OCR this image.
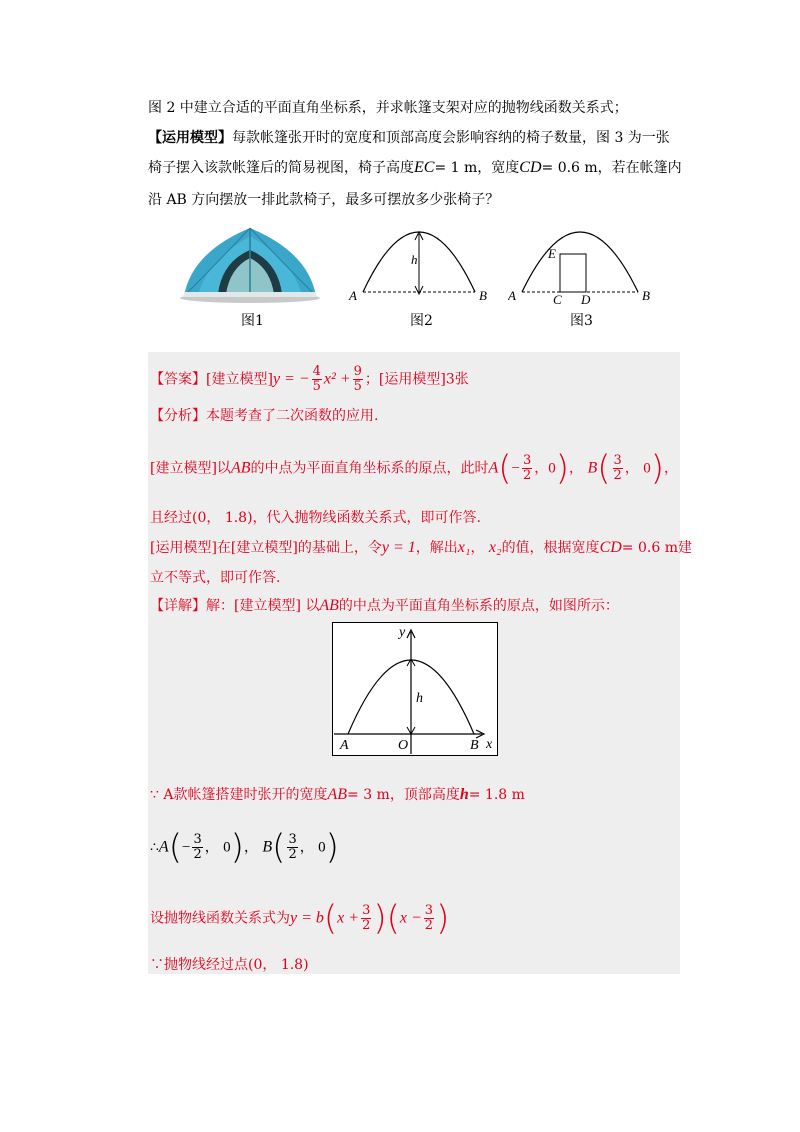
图 2 中建立合适的平面直角坐标系，并求帐篷支架对应的抛物线函数关系式；
【运用模型】每款帐篷张开时的宽度和顶部高度会影响容纳的椅子数量，图 3 为一张
椅子摆入该款帐篷后的简易视图，椅子高度EC= 1 m，宽度CD= 0.6 m，若在帐篷内
沿 AB 方向摆放一排此款椅子，最多可摆放多少张椅子？
图1
A	B
h
图2
A	B
C D
E
图3
【答案】[建立模型]y = − $\frac{4}{5} x^2 + \frac{9}{5}$ ；[运用模型]3张
【分析】本题考查了二次函数的应用.
[建立模型]以AB的中点为平面直角坐标系的原点，此时$A(- \frac{3}{2}$ ，0)， $B( \frac{3}{2}$ ， 0)，
且经过(0， 1.8)，代入抛物线函数关系式，即可作答.
[运用模型]在[建立模型]的基础上，令y = 1，解出x₁， x₂的值，根据宽度CD= 0.6 m建
立不等式，即可作答.
【详解】解：[建立模型] 以AB的中点为平面直角坐标系的原点，如图所示：
y
x
A	O	B
h
∵ A款帐篷搭建时张开的宽度AB= 3 m，顶部高度h= 1.8 m
∴A(− $\frac{3}{2}$ ， 0)， $B( \frac{3}{2}$ ， 0)
设抛物线函数关系式为$y = b(x + \frac{3}{2} )(x - \frac{3}{2}$ )
∵抛物线经过点(0， 1.8)
